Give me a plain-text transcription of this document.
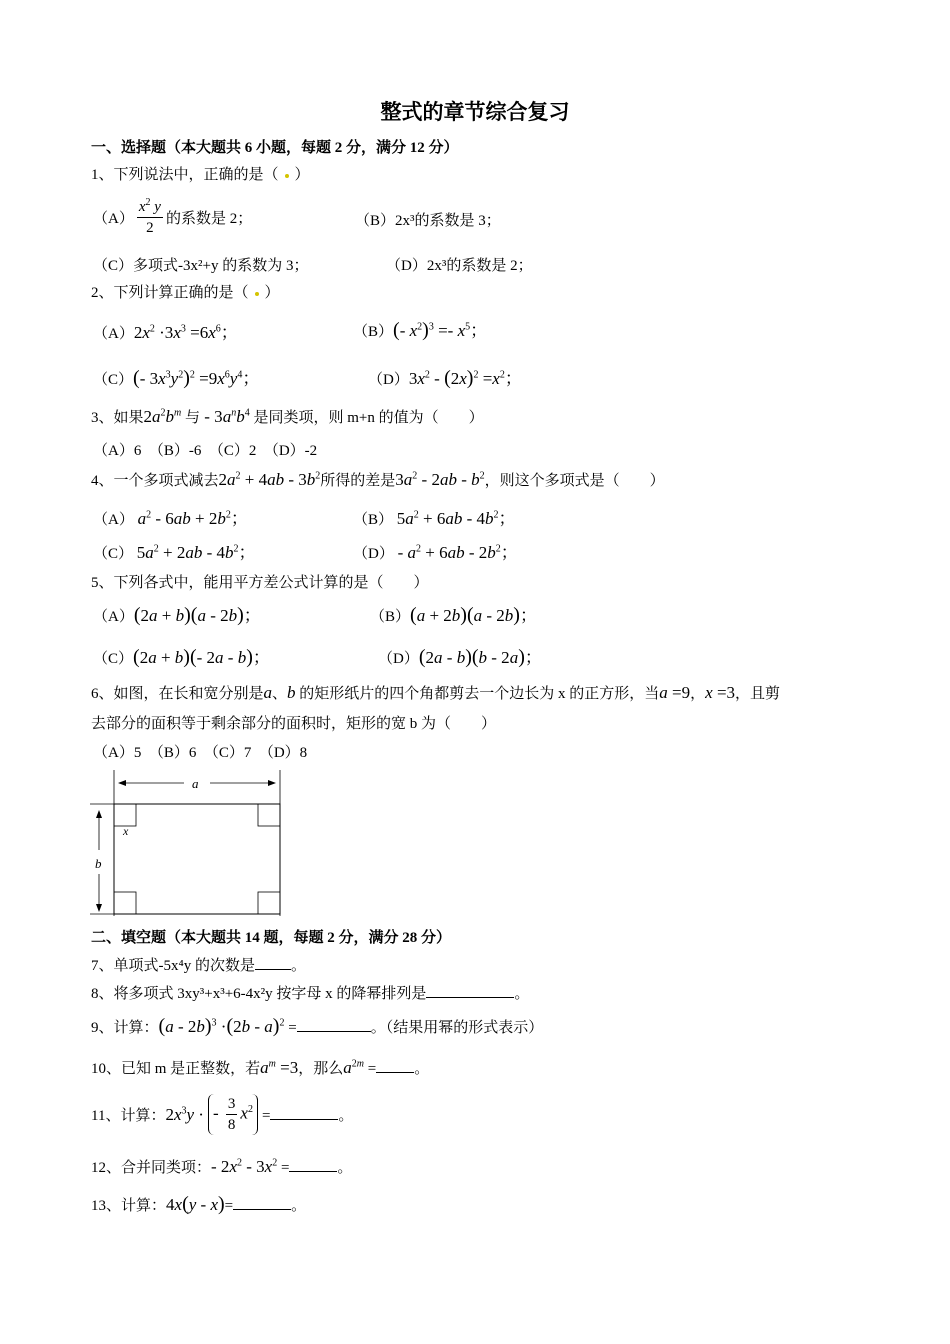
整式的章节综合复习
一、选择题（本大题共 6 小题，每题 2 分，满分 12 分）
1、下列说法中，正确的是（ ）
$(A) \frac{x^2 y}{2}$ 的系数是 2；	（B）2x³的系数是 3；
（C）多项式-3x²+y 的系数为 3；	（D）2x³的系数是 2；
2、下列计算正确的是（ ）
$(A)2x^2 \cdot 3x^3 =6x^6$；	（B）(- $x^2)^3 =- x^5$；
（C）(- $3x^3y^2)^2 =9x^6y^4$；	$(D)3x^2 - (2x)^2 =x^2$；
3、如果$2a^2b^m$ 与 - $3a^nb^4$ 是同类项，则 m+n 的值为（　　）
（A）6　（B）-6　（C）2　（D）-2
4、一个多项式减去$2a^2 + 4ab - 3b^2$所得的差是$3a^2 - 2ab - b^2$，则这个多项式是（　　）
（A） $a^2 - 6ab + 2b^2$；	（B） $5a^2 + 6ab - 4b^2$；
（C） $5a^2 + 2ab - 4b^2$；	$(D) - a^2 + 6ab - 2b^2$；
5、下列各式中，能用平方差公式计算的是（　　）
（A）(2a + b)(a - 2b)；	（B）(a + 2b)(a - 2b)；
（C）(2a + b)(- 2a - b)；	（D）(2a - b)(b - 2a)；
6、如图，在长和宽分别是a、b 的矩形纸片的四个角都剪去一个边长为 x 的正方形，当a =9，x =3，且剪
去部分的面积等于剩余部分的面积时，矩形的宽 b 为（　　）
（A）5　（B）6　（C）7　（D）8
a
b
x
二、填空题（本大题共 14 题，每题 2 分，满分 28 分）
7、单项式-5x⁴y 的次数是 。
8、将多项式 3xy³+x³+6-4x²y 按字母 x 的降幂排列是	。
9、计算：(a - 2b)$^3$ ·(2b - a)$^2$ =	。（结果用幂的形式表示）
10、已知 m 是正整数，若$a^m =3$，那么$a^{2m}$ =	。
11、计算：$2x^3y \cdot- \frac{3}{8} x^2$ =	。
12、合并同类项：- $2x^2 - 3x^2$ =	。
13、计算：4x(y - x)=	。
